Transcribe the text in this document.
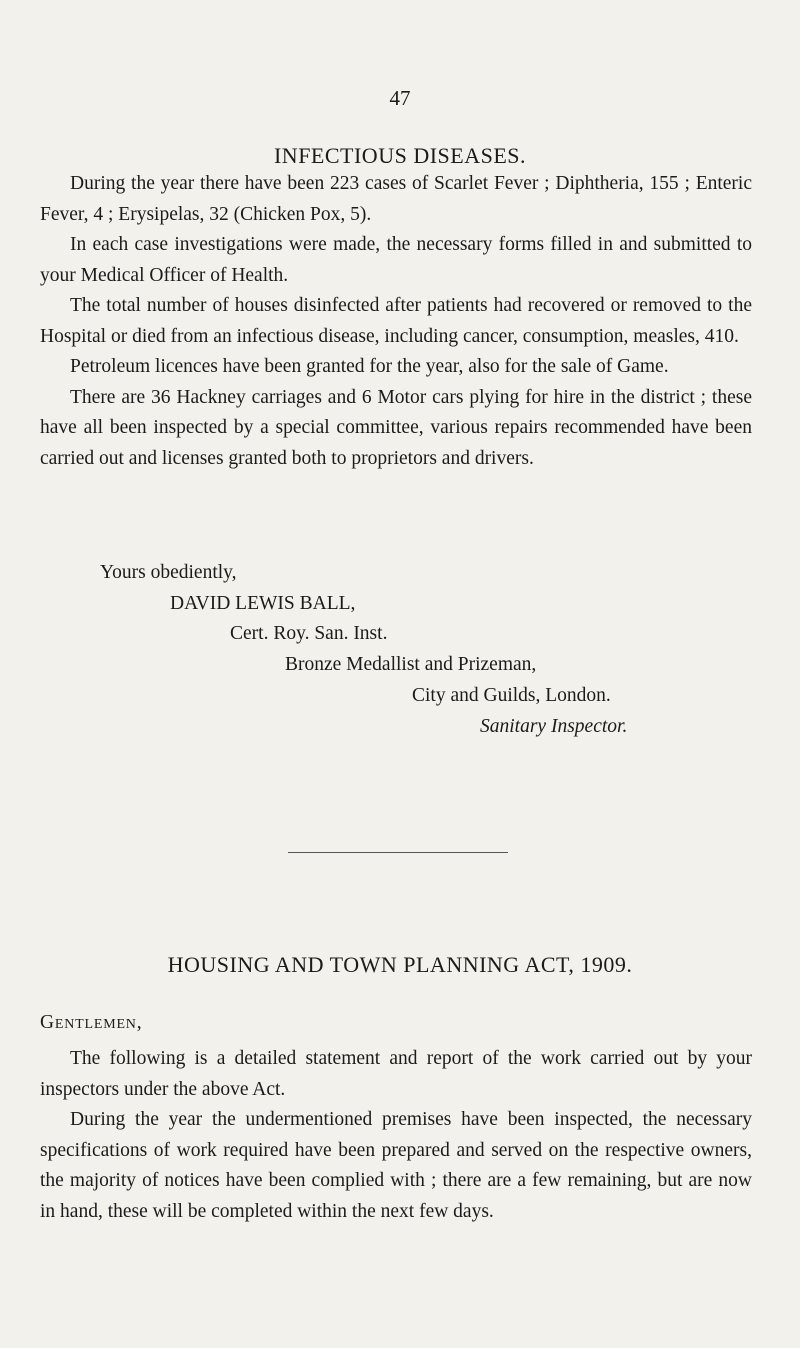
47
INFECTIOUS DISEASES.

During the year there have been 223 cases of Scarlet Fever ; Diphtheria, 155 ; Enteric Fever, 4 ; Erysipelas, 32 (Chicken Pox, 5).

In each case investigations were made, the necessary forms filled in and submitted to your Medical Officer of Health.

The total number of houses disinfected after patients had recovered or removed to the Hospital or died from an infectious disease, including cancer, consumption, measles, 410.

Petroleum licences have been granted for the year, also for the sale of Game.

There are 36 Hackney carriages and 6 Motor cars plying for hire in the district ; these have all been inspected by a special committee, various repairs recommended have been carried out and licenses granted both to proprietors and drivers.

Yours obediently,
DAVID LEWIS BALL,
Cert. Roy. San. Inst.
Bronze Medallist and Prizeman,
City and Guilds, London.
Sanitary Inspector.
HOUSING AND TOWN PLANNING ACT, 1909.
Gentlemen,

The following is a detailed statement and report of the work carried out by your inspectors under the above Act.

During the year the undermentioned premises have been inspected, the necessary specifications of work required have been prepared and served on the respective owners, the majority of notices have been complied with ; there are a few remaining, but are now in hand, these will be completed within the next few days.
